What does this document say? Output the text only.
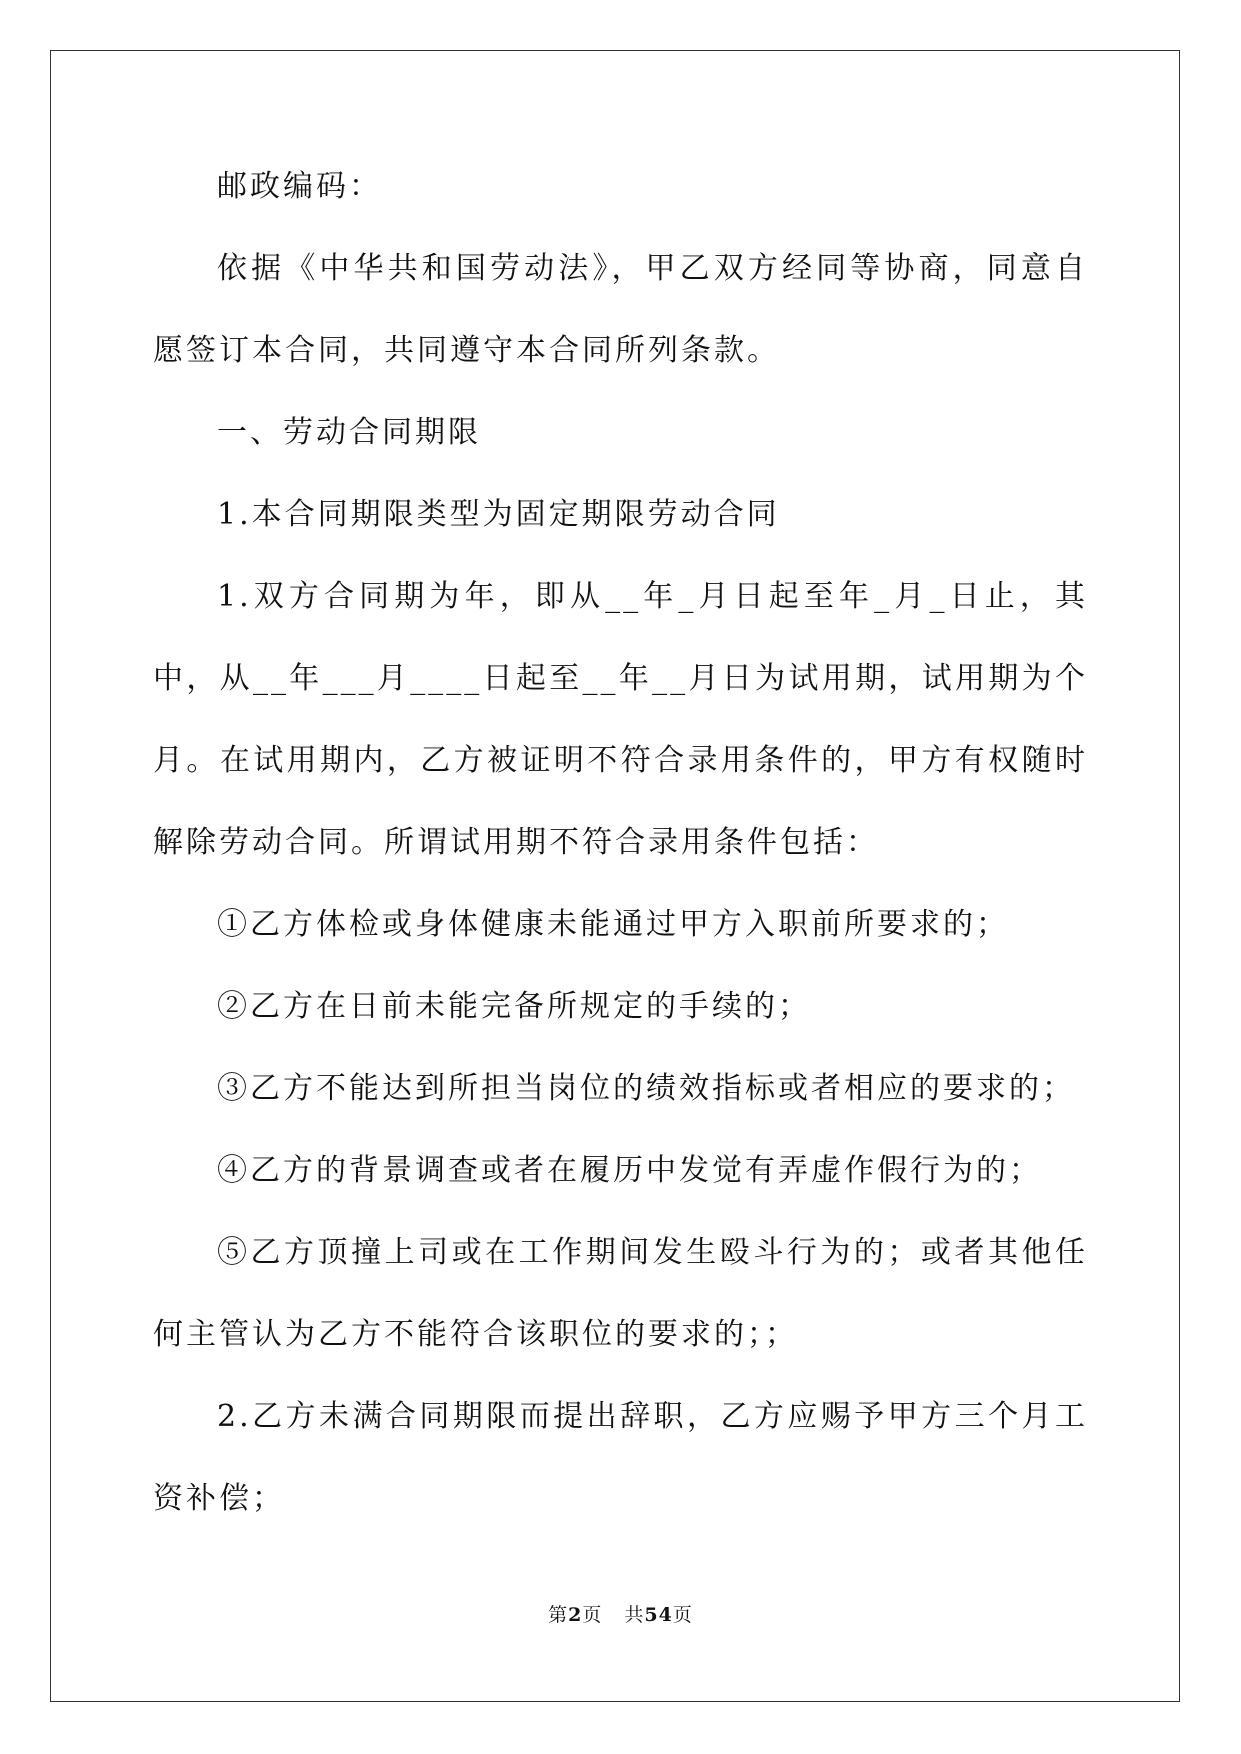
邮政编码：

依据《中华共和国劳动法》，甲乙双方经同等协商，同意自愿签订本合同，共同遵守本合同所列条款。

一、劳动合同期限

1.本合同期限类型为固定期限劳动合同

1.双方合同期为年，即从__年_月日起至年_月_日止，其中，从__年___月____日起至__年__月日为试用期，试用期为个月。在试用期内，乙方被证明不符合录用条件的，甲方有权随时解除劳动合同。所谓试用期不符合录用条件包括：

①乙方体检或身体健康未能通过甲方入职前所要求的；

②乙方在日前未能完备所规定的手续的；

③乙方不能达到所担当岗位的绩效指标或者相应的要求的；

④乙方的背景调查或者在履历中发觉有弄虚作假行为的；

⑤乙方顶撞上司或在工作期间发生殴斗行为的；或者其他任何主管认为乙方不能符合该职位的要求的；；

2.乙方未满合同期限而提出辞职，乙方应赐予甲方三个月工资补偿；

第2页 共54页
